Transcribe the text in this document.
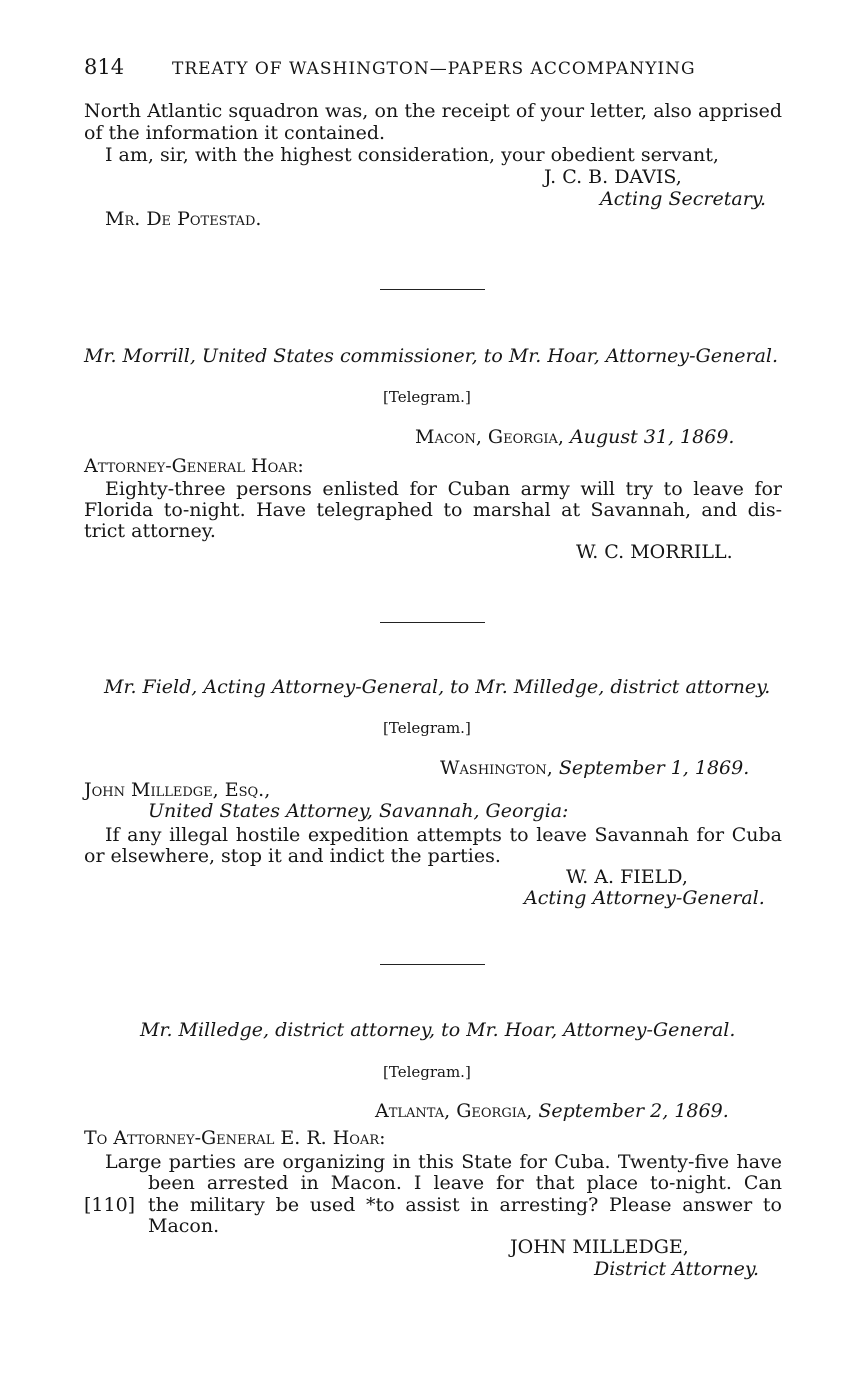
814	TREATY OF WASHINGTON—PAPERS ACCOMPANYING
North Atlantic squadron was, on the receipt of your letter, also apprised
of the information it contained.
I am, sir, with the highest consideration, your obedient servant,
J. C. B. DAVIS,
Acting Secretary.
Mr. De Potestad.
Mr. Morrill, United States commissioner, to Mr. Hoar, Attorney-General.
[Telegram.]
Macon, Georgia, August 31, 1869.
Attorney-General Hoar:
Eighty-three persons enlisted for Cuban army will try to leave for
Florida to-night. Have telegraphed to marshal at Savannah, and dis-
trict attorney.
W. C. MORRILL.
Mr. Field, Acting Attorney-General, to Mr. Milledge, district attorney.
[Telegram.]
Washington, September 1, 1869.
John Milledge, Esq.,
United States Attorney, Savannah, Georgia:
If any illegal hostile expedition attempts to leave Savannah for Cuba
or elsewhere, stop it and indict the parties.
W. A. FIELD,
Acting Attorney-General.
Mr. Milledge, district attorney, to Mr. Hoar, Attorney-General.
[Telegram.]
Atlanta, Georgia, September 2, 1869.
To Attorney-General E. R. Hoar:
Large parties are organizing in this State for Cuba. Twenty-five have
been arrested in Macon. I leave for that place to-night. Can
[110] the military be used *to assist in arresting? Please answer to
Macon.
JOHN MILLEDGE,
District Attorney.
